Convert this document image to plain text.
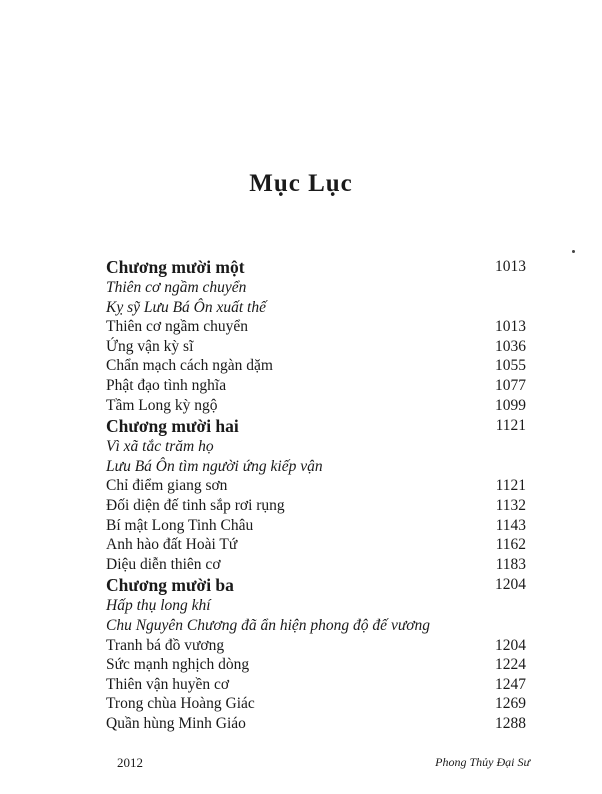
Mục Lục
Chương mười một	1013
Thiên cơ ngầm chuyển
Kỵ sỹ Lưu Bá Ôn xuất thế
Thiên cơ ngầm chuyển	1013
Ứng vận kỳ sĩ	1036
Chẩn mạch cách ngàn dặm	1055
Phật đạo tình nghĩa	1077
Tầm Long kỳ ngộ	1099
Chương mười hai	1121
Vì xã tắc trăm họ
Lưu Bá Ôn tìm người ứng kiếp vận
Chỉ điểm giang sơn	1121
Đối diện đế tinh sắp rơi rụng	1132
Bí mật Long Tinh Châu	1143
Anh hào đất Hoài Tứ	1162
Diệu diễn thiên cơ	1183
Chương mười ba	1204
Hấp thụ long khí
Chu Nguyên Chương đã ẩn hiện phong độ đế vương
Tranh bá đồ vương	1204
Sức mạnh nghịch dòng	1224
Thiên vận huyền cơ	1247
Trong chùa Hoàng Giác	1269
Quần hùng Minh Giáo	1288
2012	Phong Thủy Đại Sư
